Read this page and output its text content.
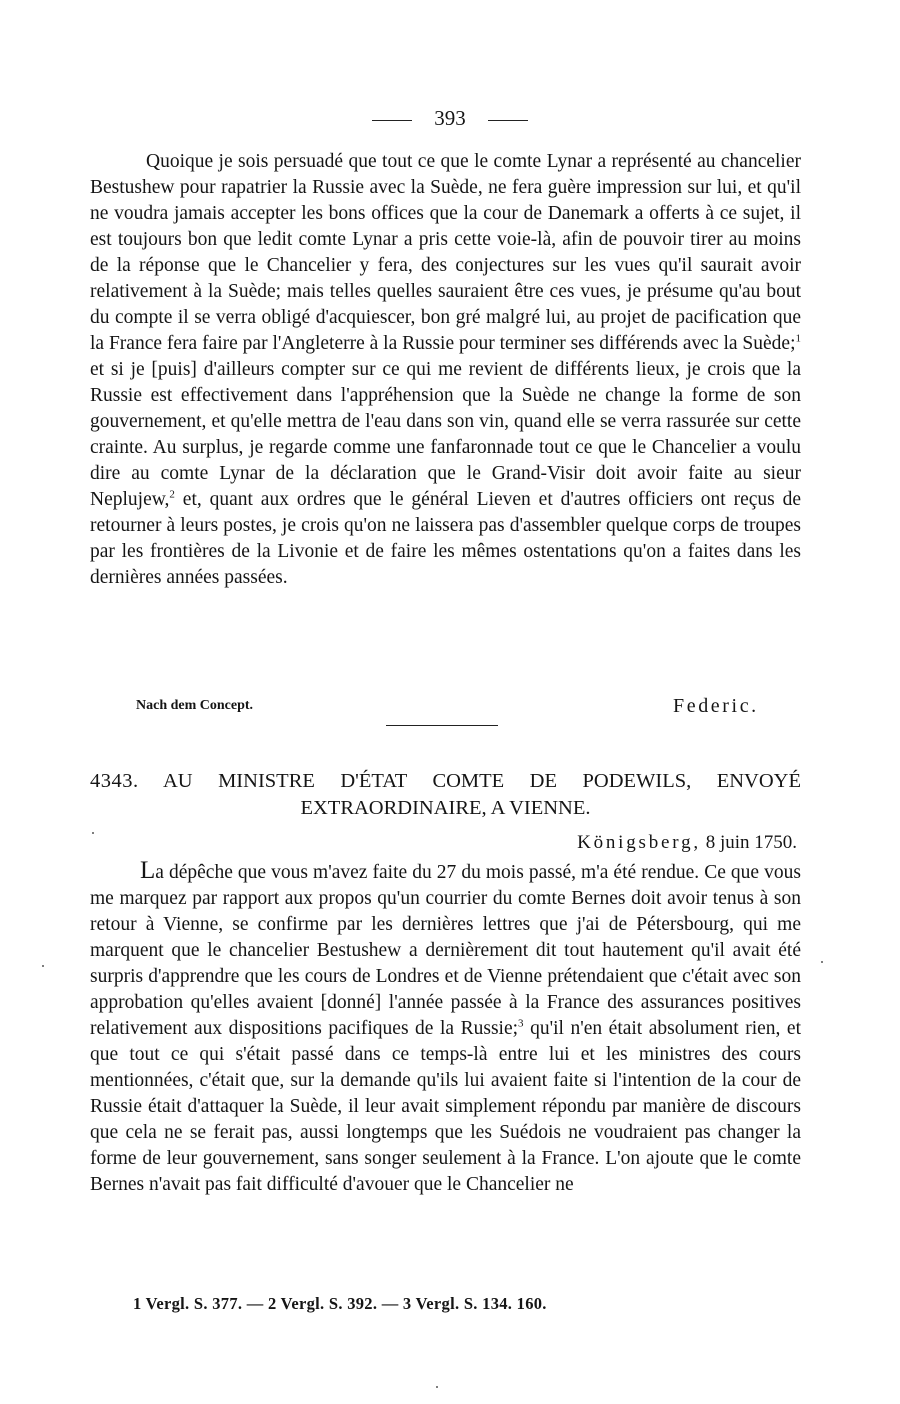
393

Quoique je sois persuadé que tout ce que le comte Lynar a représenté au chancelier Bestushew pour rapatrier la Russie avec la Suède, ne fera guère impression sur lui, et qu'il ne voudra jamais accepter les bons offices que la cour de Danemark a offerts à ce sujet, il est toujours bon que ledit comte Lynar a pris cette voie-là, afin de pouvoir tirer au moins de la réponse que le Chancelier y fera, des conjectures sur les vues qu'il saurait avoir relativement à la Suède; mais telles quelles sauraient être ces vues, je présume qu'au bout du compte il se verra obligé d'acquiescer, bon gré malgré lui, au projet de pacification que la France fera faire par l'Angleterre à la Russie pour terminer ses différends avec la Suède;$^1$ et si je [puis] d'ailleurs compter sur ce qui me revient de différents lieux, je crois que la Russie est effectivement dans l'appréhension que la Suède ne change la forme de son gouvernement, et qu'elle mettra de l'eau dans son vin, quand elle se verra rassurée sur cette crainte. Au surplus, je regarde comme une fanfaronnade tout ce que le Chancelier a voulu dire au comte Lynar de la déclaration que le Grand-Visir doit avoir faite au sieur Neplujew,$^2$ et, quant aux ordres que le général Lieven et d'autres officiers ont reçus de retourner à leurs postes, je crois qu'on ne laissera pas d'assembler quelque corps de troupes par les frontières de la Livonie et de faire les mêmes ostentations qu'on a faites dans les dernières années passées.

Nach dem Concept.	Federic.
4343. AU MINISTRE D'ÉTAT COMTE DE PODEWILS, ENVOYÉ
EXTRAORDINAIRE, A VIENNE.
Königsberg, 8 juin 1750.

La dépêche que vous m'avez faite du 27 du mois passé, m'a été rendue. Ce que vous me marquez par rapport aux propos qu'un courrier du comte Bernes doit avoir tenus à son retour à Vienne, se confirme par les dernières lettres que j'ai de Pétersbourg, qui me marquent que le chancelier Bestushew a dernièrement dit tout hautement qu'il avait été surpris d'apprendre que les cours de Londres et de Vienne prétendaient que c'était avec son approbation qu'elles avaient [donné] l'année passée à la France des assurances positives relativement aux dispositions pacifiques de la Russie;$^3$ qu'il n'en était absolument rien, et que tout ce qui s'était passé dans ce temps-là entre lui et les ministres des cours mentionnées, c'était que, sur la demande qu'ils lui avaient faite si l'intention de la cour de Russie était d'attaquer la Suède, il leur avait simplement répondu par manière de discours que cela ne se ferait pas, aussi longtemps que les Suédois ne voudraient pas changer la forme de leur gouvernement, sans songer seulement à la France. L'on ajoute que le comte Bernes n'avait pas fait difficulté d'avouer que le Chancelier ne

1 Vergl. S. 377. — 2 Vergl. S. 392. — 3 Vergl. S. 134. 160.
